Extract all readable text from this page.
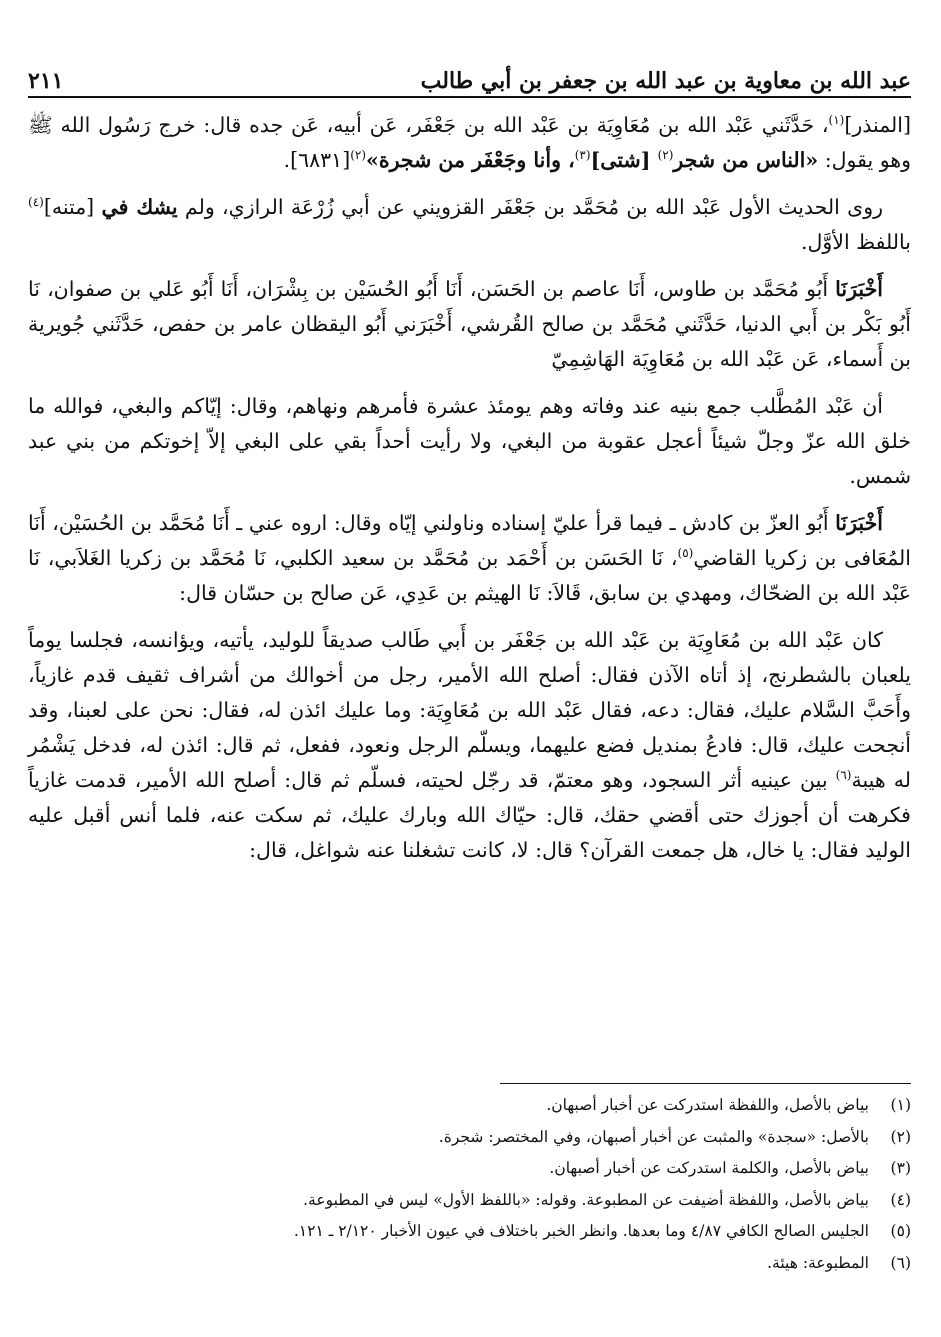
عبد الله بن معاوية بن عبد الله بن جعفر بن أبي طالب
٢١١

[المنذر]$^{(١)}$، حَدَّثَني عَبْد الله بن مُعَاوِيَة بن عَبْد الله بن جَعْفَر، عَن أبيه، عَن جده قال: خرج رَسُول الله ﷺ وهو يقول: «الناس من شجر$^{(٢)}$ [شتى]$^{(٣)}$، وأنا وجَعْفَر من شجرة»$^{(٢)}$[٦٨٣١].

روى الحديث الأول عَبْد الله بن مُحَمَّد بن جَعْفَر القزويني عن أبي زُرْعَة الرازي، ولم يشك في [متنه]$^{(٤)}$ باللفظ الأوَّل.

أَخْبَرَنَا أَبُو مُحَمَّد بن طاوس، أَنَا عاصم بن الحَسَن، أَنَا أَبُو الحُسَيْن بن بِشْرَان، أَنَا أَبُو عَلي بن صفوان، نَا أَبُو بَكْر بن أَبي الدنيا، حَدَّثَني مُحَمَّد بن صالح القُرشي، أَخْبَرَني أَبُو اليقظان عامر بن حفص، حَدَّثَني جُويرية بن أَسماء، عَن عَبْد الله بن مُعَاوِيَة الهَاشِمِيّ

أن عَبْد المُطَّلب جمع بنيه عند وفاته وهم يومئذ عشرة فأمرهم ونهاهم، وقال: إيّاكم والبغي، فوالله ما خلق الله عزّ وجلّ شيئاً أعجل عقوبة من البغي، ولا رأيت أحداً بقي على البغي إلاّ إخوتكم من بني عبد شمس.

أَخْبَرَنَا أَبُو العزّ بن كادش ـ فيما قرأ عليّ إسناده وناولني إيّاه وقال: اروه عني ـ أَنَا مُحَمَّد بن الحُسَيْن، أَنَا المُعَافى بن زكريا القاضي$^{(٥)}$، نَا الحَسَن بن أَحْمَد بن مُحَمَّد بن سعيد الكلبي، نَا مُحَمَّد بن زكريا الغَلاَبي، نَا عَبْد الله بن الضحّاك، ومهدي بن سابق، قَالاَ: نَا الهيثم بن عَدِي، عَن صالح بن حسّان قال:

كان عَبْد الله بن مُعَاوِيَة بن عَبْد الله بن جَعْفَر بن أَبي طَالب صديقاً للوليد، يأتيه، ويؤانسه، فجلسا يوماً يلعبان بالشطرنج، إذ أتاه الآذن فقال: أصلح الله الأمير، رجل من أخوالك من أشراف ثقيف قدم غازياً، وأَحَبَّ السَّلام عليك، فقال: دعه، فقال عَبْد الله بن مُعَاوِيَة: وما عليك ائذن له، فقال: نحن على لعبنا، وقد أنجحت عليك، قال: فادعُ بمنديل فضع عليهما، ويسلّم الرجل ونعود، ففعل، ثم قال: ائذن له، فدخل يَشْمُر له هيبة$^{(٦)}$ بين عينيه أثر السجود، وهو معتمّ، قد رجّل لحيته، فسلّم ثم قال: أصلح الله الأمير، قدمت غازياً فكرهت أن أجوزك حتى أقضي حقك، قال: حيّاك الله وبارك عليك، ثم سكت عنه، فلما أنس أقبل عليه الوليد فقال: يا خال، هل جمعت القرآن؟ قال: لا، كانت تشغلنا عنه شواغل، قال:

(١)
بياض بالأصل، واللفظة استدركت عن أخبار أصبهان.
(٢)
بالأصل: «سجدة» والمثبت عن أخبار أصبهان، وفي المختصر: شجرة.
(٣)
بياض بالأصل، والكلمة استدركت عن أخبار أصبهان.
(٤)
بياض بالأصل، واللفظة أضيفت عن المطبوعة. وقوله: «باللفظ الأول» ليس في المطبوعة.
(٥)
الجليس الصالح الكافي ٤/٨٧ وما بعدها. وانظر الخبر باختلاف في عيون الأخبار ٢/١٢٠ ـ ١٢١.
(٦)
المطبوعة: هيئة.
